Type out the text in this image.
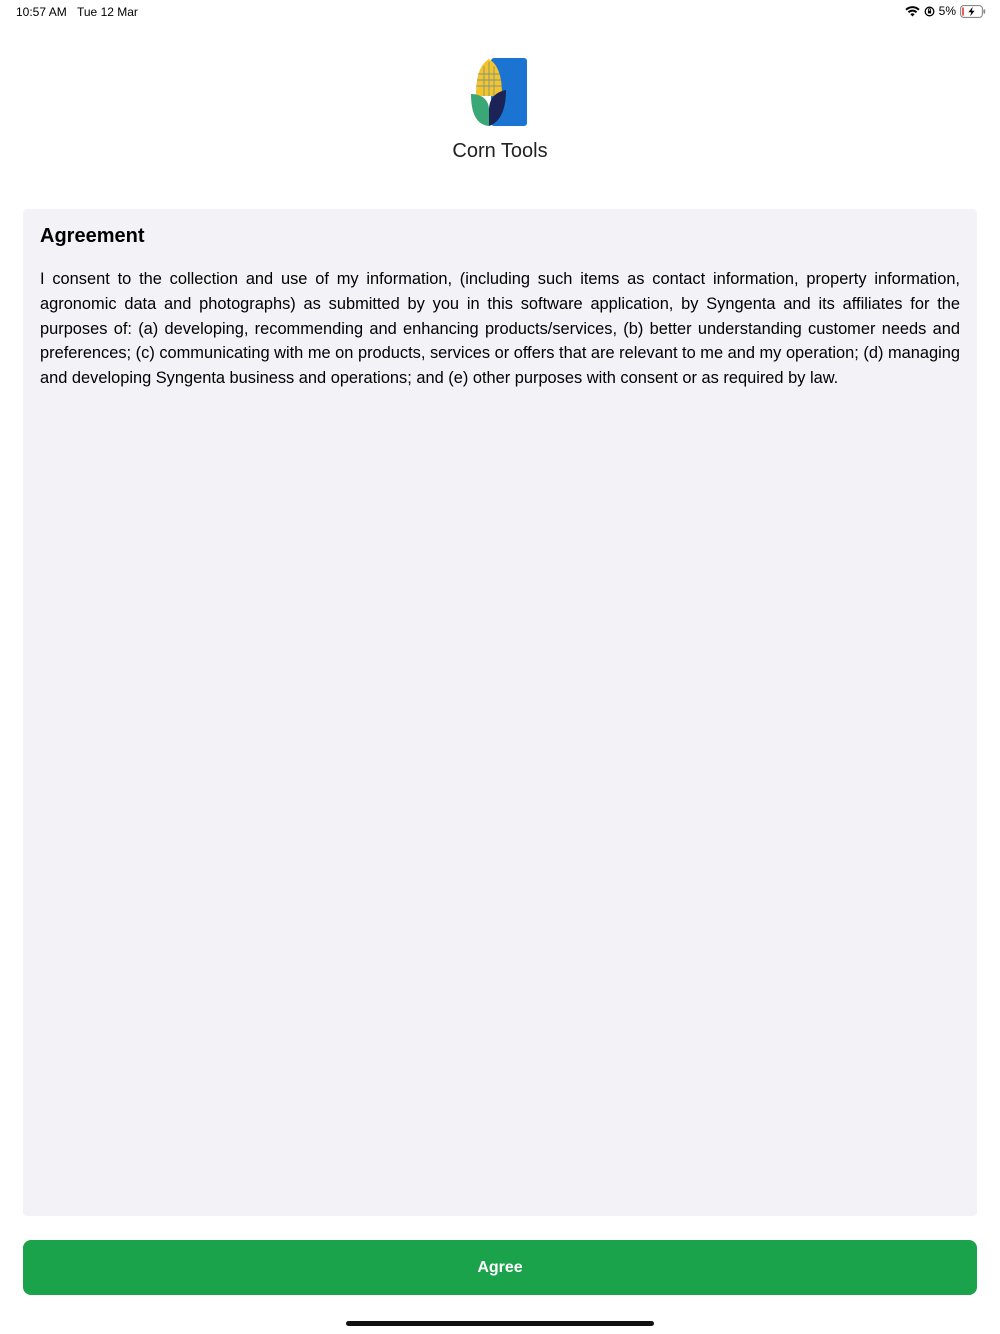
10:57 AM Tue 12 Mar	5%
Corn Tools
Agreement

I consent to the collection and use of my information, (including such items as contact information, property information, agronomic data and photographs) as submitted by you in this software application, by Syngenta and its affiliates for the purposes of: (a) developing, recommending and enhancing products/services, (b) better understanding customer needs and preferences; (c) communicating with me on products, services or offers that are relevant to me and my operation; (d) managing and developing Syngenta business and operations; and (e) other purposes with consent or as required by law.

Agree
